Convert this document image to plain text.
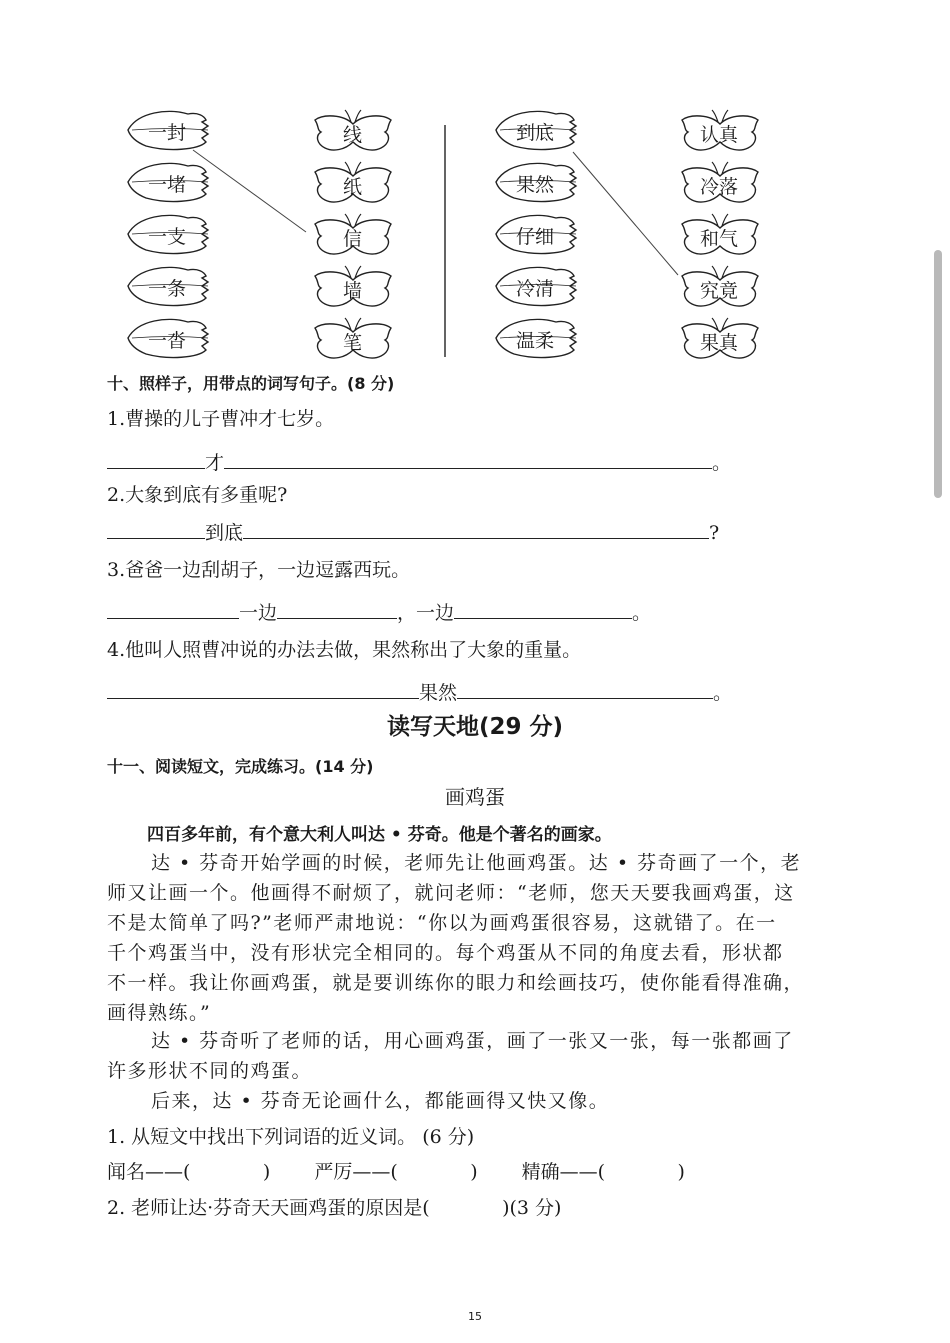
一封
一堵
一支
一条
一沓
线
纸
信
墙
笔
到底
果然
仔细
冷清
温柔
认真
冷落
和气
究竟
果真
十、照样子，用带点的词写句子。(8 分)
1.曹操的儿子曹冲才七岁。
才	。
2.大象到底有多重呢?
到底	?
3.爸爸一边刮胡子，一边逗露西玩。
一边	，一边	。
4.他叫人照曹冲说的办法去做，果然称出了大象的重量。
果然	。
读写天地(29 分)
十一、阅读短文，完成练习。(14 分)
画鸡蛋
四百多年前，有个意大利人叫达 • 芬奇。他是个著名的画家。
达 • 芬奇开始学画的时候，老师先让他画鸡蛋。达 • 芬奇画了一个，老
师又让画一个。他画得不耐烦了，就问老师：“老师，您天天要我画鸡蛋，这
不是太简单了吗?”老师严肃地说：“你以为画鸡蛋很容易，这就错了。在一
千个鸡蛋当中，没有形状完全相同的。每个鸡蛋从不同的角度去看，形状都
不一样。我让你画鸡蛋，就是要训练你的眼力和绘画技巧，使你能看得准确，
画得熟练。”
达 • 芬奇听了老师的话，用心画鸡蛋，画了一张又一张，每一张都画了
许多形状不同的鸡蛋。
后来，达 • 芬奇无论画什么，都能画得又快又像。
1. 从短文中找出下列词语的近义词。 (6 分)
闻名——(            ) 严厉——(            ) 精确——(            )
2. 老师让达·芬奇天天画鸡蛋的原因是(            )(3 分)
15
